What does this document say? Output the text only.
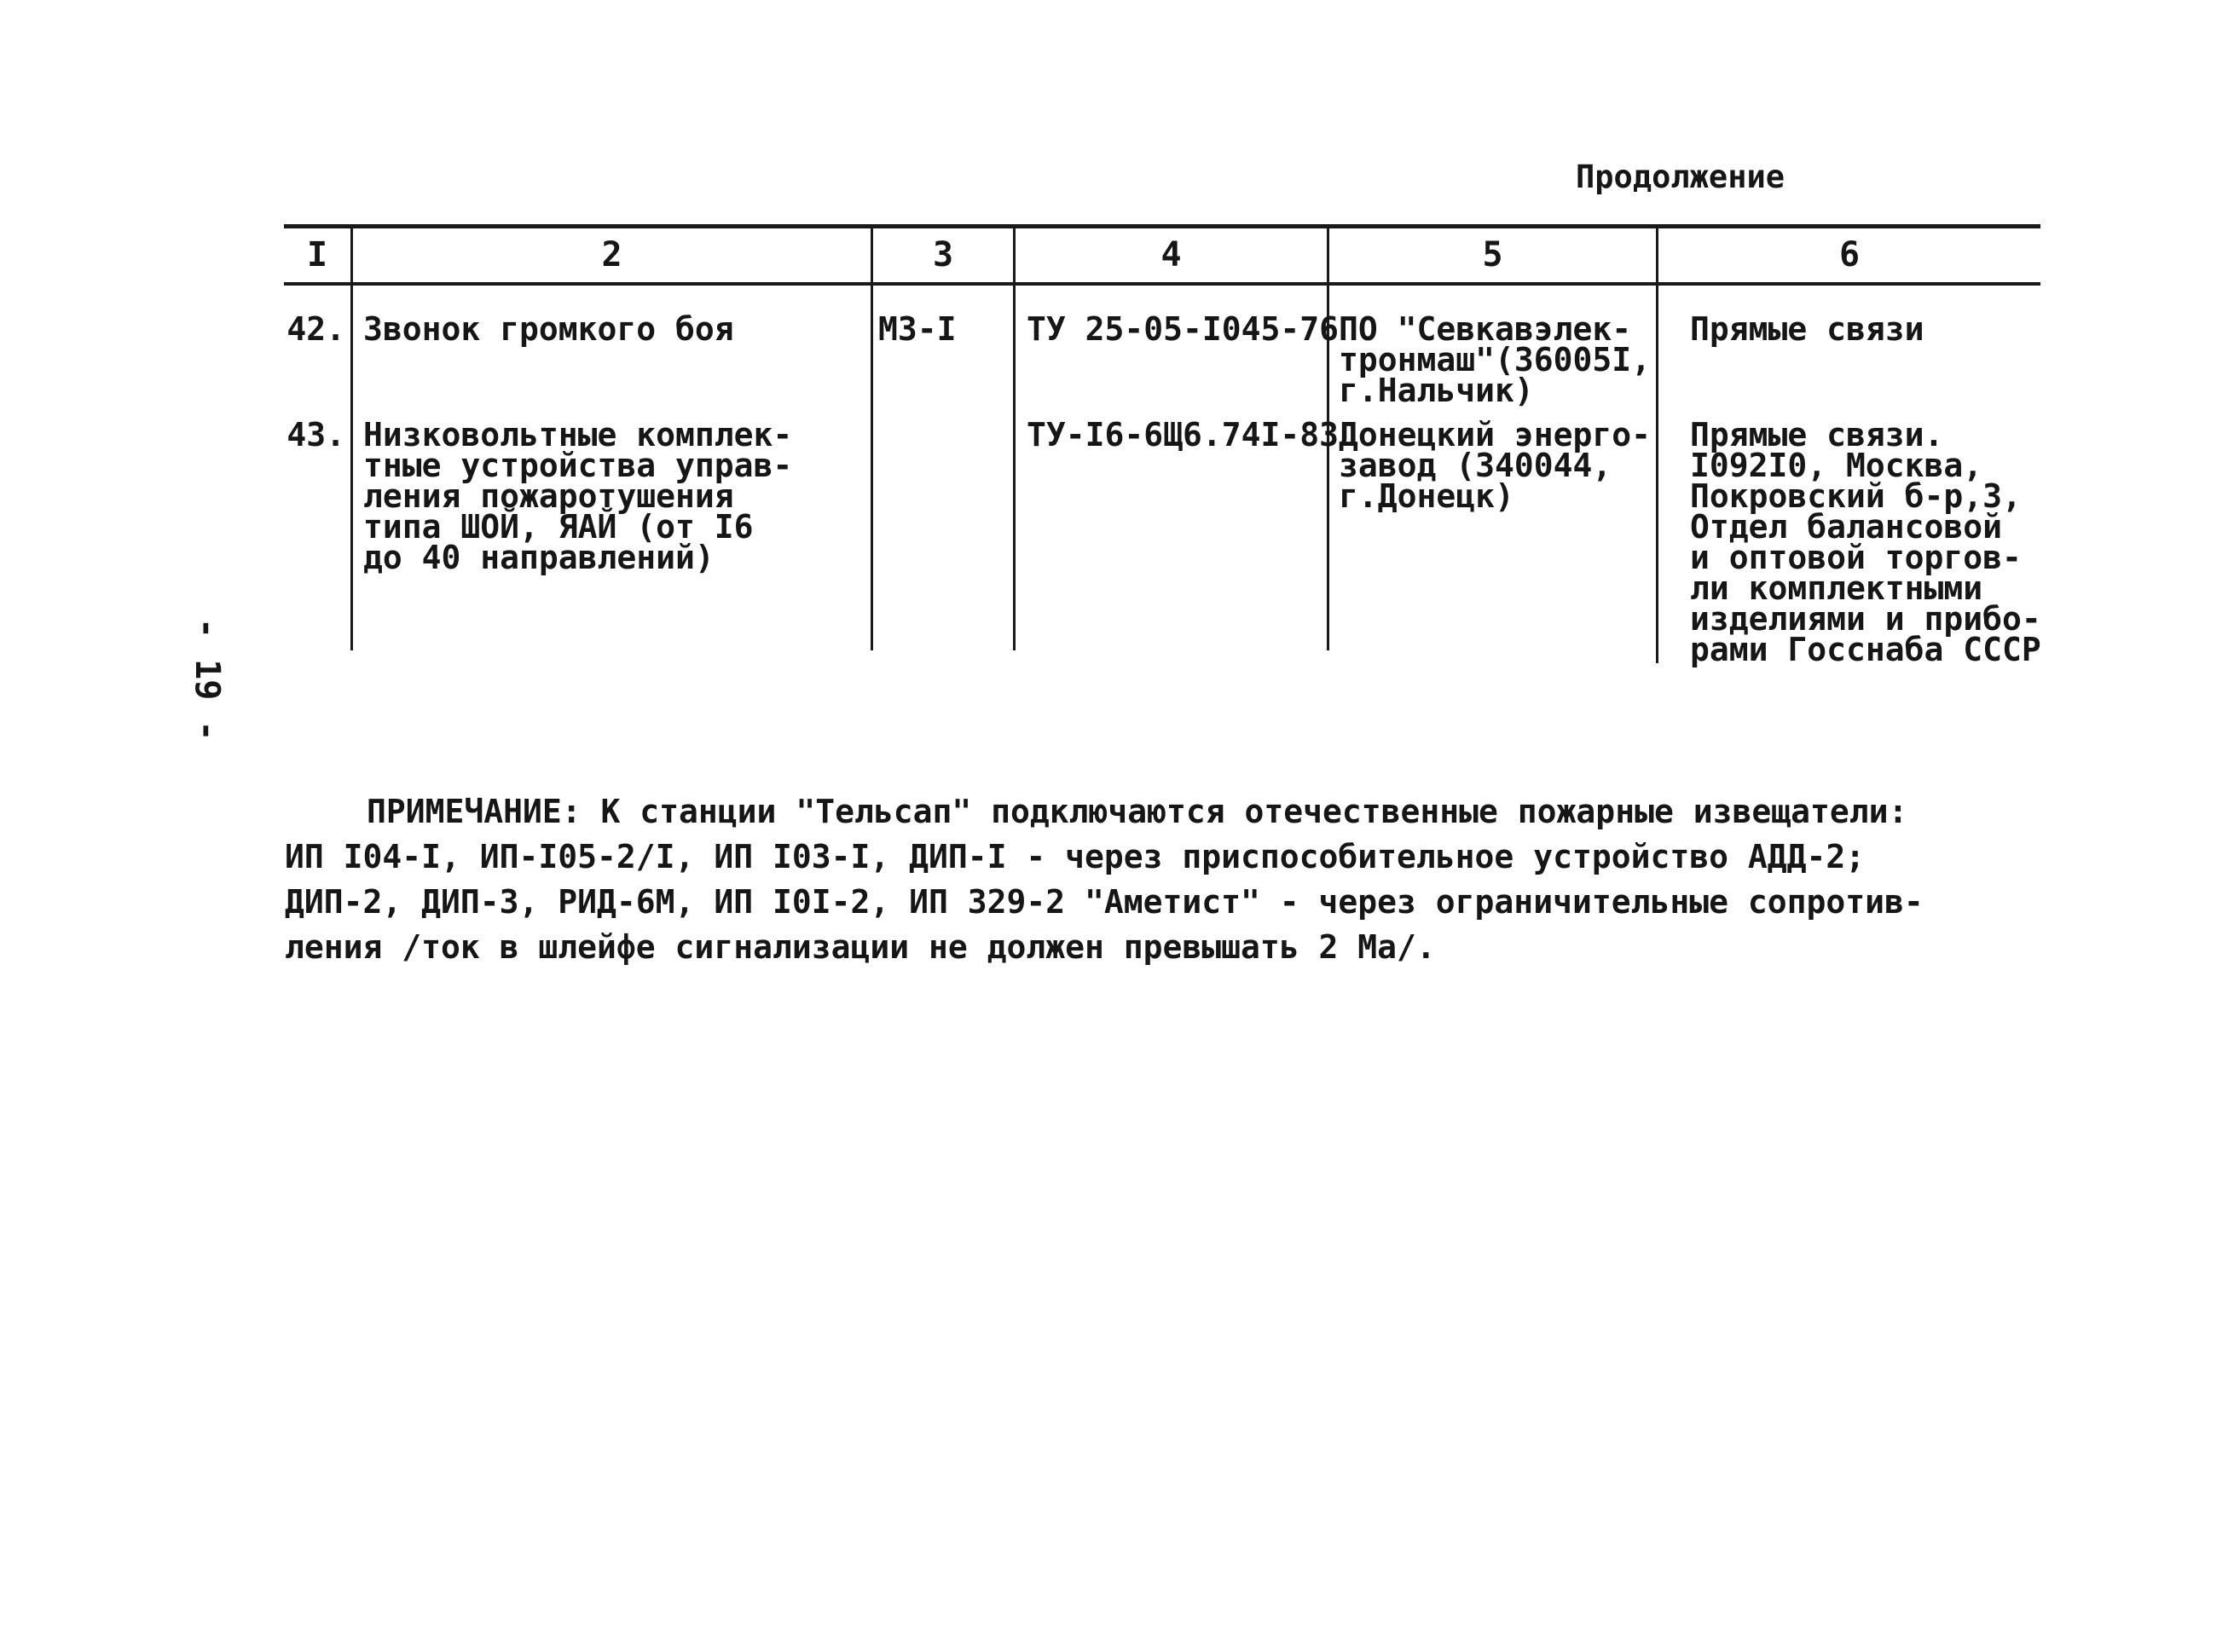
Продолжение
- 19 -
I	2	3	4	5	6
42. Звонок громкого боя	МЗ-I ТУ 25-05-I045-76 ПО "Севкавэлек-
тронмаш"(36005I,
г.Нальчик)
Прямые связи
43. Низковольтные комплек-
тные устройства управ-
ления пожаротушения
типа ШОЙ, ЯАЙ (от I6
до 40 направлений)
ТУ-I6-6Щ6.74I-83 Донецкий энерго-
завод (340044,
г.Донецк)
Прямые связи.
I092I0, Москва,
Покровский б-р,3,
Отдел балансовой
и оптовой торгов-
ли комплектными
изделиями и прибо-
рами Госснаба СССР
ПРИМЕЧАНИЕ: К станции "Тельсап" подключаются отечественные пожарные извещатели:
ИП I04-I, ИП-I05-2/I, ИП I03-I, ДИП-I - через приспособительное устройство АДД-2;
ДИП-2, ДИП-3, РИД-6М, ИП I0I-2, ИП 329-2 "Аметист" - через ограничительные сопротив-
ления /ток в шлейфе сигнализации не должен превышать 2 Ма/.
